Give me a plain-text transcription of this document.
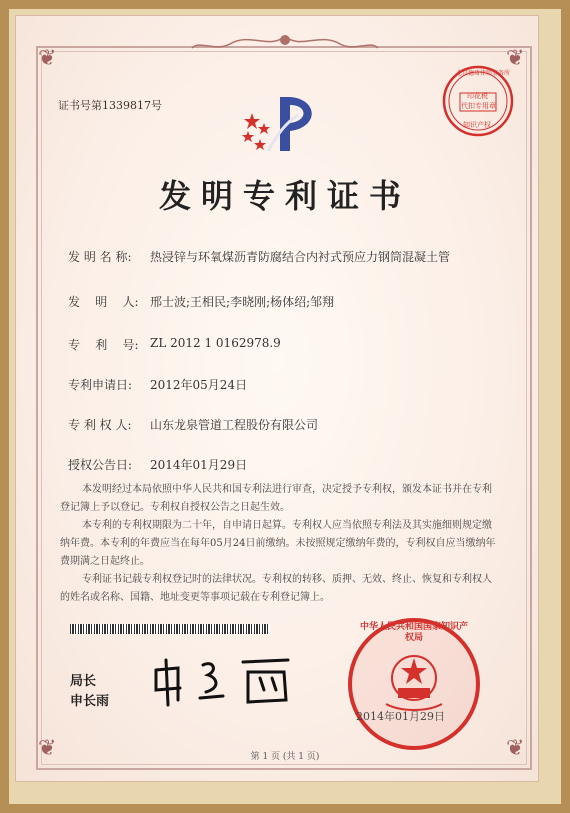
❦	❦
❦	❦
证书号第1339817号
北京德琦律师事务所
印花税
代扣专用章
知识产权
发明专利证书
发 明 名 称: 热浸锌与环氧煤沥青防腐结合内衬式预应力钢筒混凝土管
发    明    人: 邢士波;王相民;李晓刚;杨体绍;邹翔
专    利    号: ZL 2012 1 0162978.9
专利申请日: 2012年05月24日
专 利 权 人: 山东龙泉管道工程股份有限公司
授权公告日: 2014年01月29日
本发明经过本局依照中华人民共和国专利法进行审查，决定授予专利权，颁发本证书并在专利登记簿上予以登记。专利权自授权公告之日起生效。
本专利的专利权期限为二十年，自申请日起算。专利权人应当依照专利法及其实施细则规定缴纳年费。本专利的年费应当在每年05月24日前缴纳。未按照规定缴纳年费的，专利权自应当缴纳年费期满之日起终止。
专利证书记载专利权登记时的法律状况。专利权的转移、质押、无效、终止、恢复和专利权人的姓名或名称、国籍、地址变更等事项记载在专利登记簿上。
局长
申长雨
中华人民共和国国家知识产权局
2014年01月29日
第 1 页 (共 1 页)
